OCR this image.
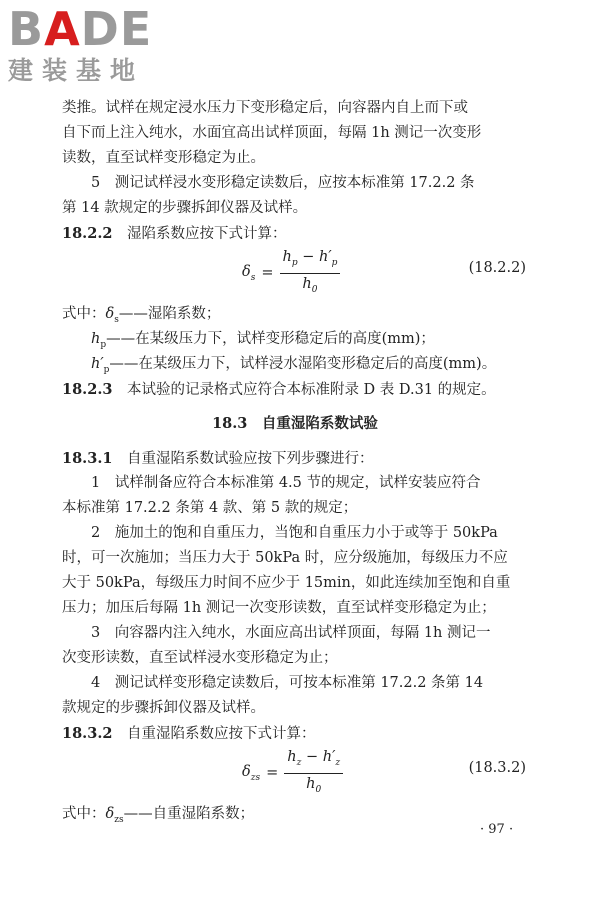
BADE
建装基地
类推。试样在规定浸水压力下变形稳定后，向容器内自上而下或
自下而上注入纯水，水面宜高出试样顶面，每隔 1h 测记一次变形
读数，直至试样变形稳定为止。
5　测记试样浸水变形稳定读数后，应按本标准第 17.2.2 条
第 14 款规定的步骤拆卸仪器及试样。
18.2.2　 湿陷系数应按下式计算：
$\delta_s = \frac{h_p - h'_p}{h_0}$	(18.2.2)
式中：$\delta_s——$湿陷系数；
$h_p——$在某级压力下，试样变形稳定后的高度(mm)；
$h'_p——$在某级压力下，试样浸水湿陷变形稳定后的高度(mm)。
18.2.3　 本试验的记录格式应符合本标准附录 D 表 D.31 的规定。
18.3　自重湿陷系数试验
18.3.1　 自重湿陷系数试验应按下列步骤进行：
1　试样制备应符合本标准第 4.5 节的规定，试样安装应符合
本标准第 17.2.2 条第 4 款、第 5 款的规定；
2　施加土的饱和自重压力，当饱和自重压力小于或等于 50kPa
时，可一次施加；当压力大于 50kPa 时，应分级施加，每级压力不应
大于 50kPa，每级压力时间不应少于 15min，如此连续加至饱和自重
压力；加压后每隔 1h 测记一次变形读数，直至试样变形稳定为止；
3　向容器内注入纯水，水面应高出试样顶面，每隔 1h 测记一
次变形读数，直至试样浸水变形稳定为止；
4　测记试样变形稳定读数后，可按本标准第 17.2.2 条第 14
款规定的步骤拆卸仪器及试样。
18.3.2　 自重湿陷系数应按下式计算：
$\delta_{zs} = \frac{h_z - h'_z}{h_0}$	(18.3.2)
式中：$\delta_{zs}——$自重湿陷系数；
· 97 ·
